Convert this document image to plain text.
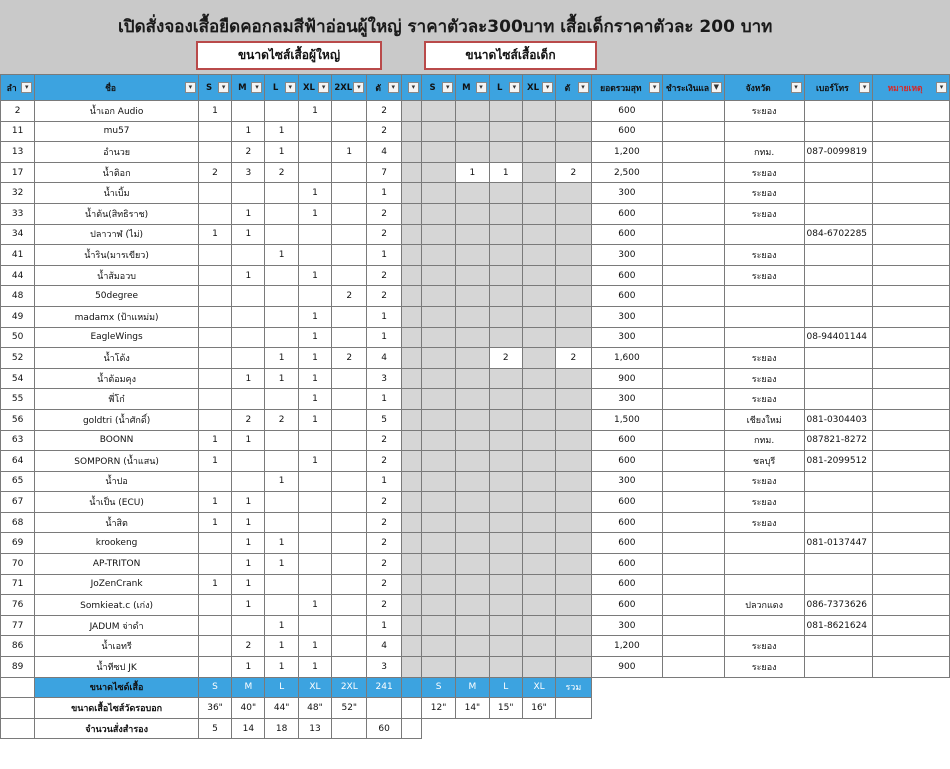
เปิดสั่งจองเสื้อยืดคอกลมสีฟ้าอ่อนผู้ใหญ่ ราคาตัวละ300บาท เสื้อเด็กราคาตัวละ 200 บาท
ขนาดไซส์เสื้อผู้ใหญ่	ขนาดไซส์เสื้อเด็ก
ลำ ▾	ชื่อ ▾	S ▾	M ▾	L ▾	XL ▾	2XL ▾	ตั ▾	▾	S ▾	M ▾	L ▾	XL ▾	ตั ▾	ยอดรวมสุท ▾	ชำระเงินแล ▼	จังหวัด ▾	เบอร์โทร ▾	หมายเหตุ ▾

2	น้ำเอก Audio	1			1		2							600		ระยอง		
11	mu57		1	1			2							600				
13	อำนวย		2	1		1	4							1,200		กทม.	087-0099819	
17	น้ำติอก	2	3	2			7			1	1		2	2,500		ระยอง		
32	น้ำเบิ้ม				1		1							300		ระยอง		
33	น้ำต้น(สิทธิราช)		1		1		2							600		ระยอง		
34	ปลาวาฬ (ไม่)	1	1				2							600			084-6702285	
41	น้ำริน(มารเขียว)			1			1							300		ระยอง		
44	น้ำส้มอวบ		1		1		2							600		ระยอง		
48	50degree					2	2							600				
49	madamx (ป้าแหม่ม)				1		1							300				
50	EagleWings				1		1							300			08-94401144	
52	น้ำโด้ง			1	1	2	4				2		2	1,600		ระยอง		
54	น้ำต้อมคุง		1	1	1		3							900		ระยอง		
55	พี่โก๋				1		1							300		ระยอง		
56	goldtri (น้ำศักดิ์)		2	2	1		5							1,500		เชียงใหม่	081-0304403	
63	BOONN	1	1				2							600		กทม.	087821-8272	
64	SOMPORN (น้ำแสน)	1			1		2							600		ชลบุรี	081-2099512	
65	น้ำปอ			1			1							300		ระยอง		
67	น้ำเป็น (ECU)	1	1				2							600		ระยอง		
68	น้ำสิต	1	1				2							600		ระยอง		
69	krookeng		1	1			2							600			081-0137447	
70	AP-TRITON		1	1			2							600				
71	JoZenCrank	1	1				2							600				
76	Somkieat.c (เก่ง)		1		1		2							600		ปลวกแดง	086-7373626	
77	JADUM จ่าดำ			1			1							300			081-8621624	
86	น้ำเอทรี		2	1	1		4							1,200		ระยอง		
89	น้ำทีซป JK		1	1	1		3							900		ระยอง		
	ขนาดไซด์เสื้อ	S	M	L	XL	2XL	241		S	M	L	XL	รวม					
	ขนาดเสื้อไซส์วัดรอบอก	36"	40"	44"	48"	52"			12"	14"	15"	16"						
	จำนวนสั่งสำรอง	5	14	18	13		60											
